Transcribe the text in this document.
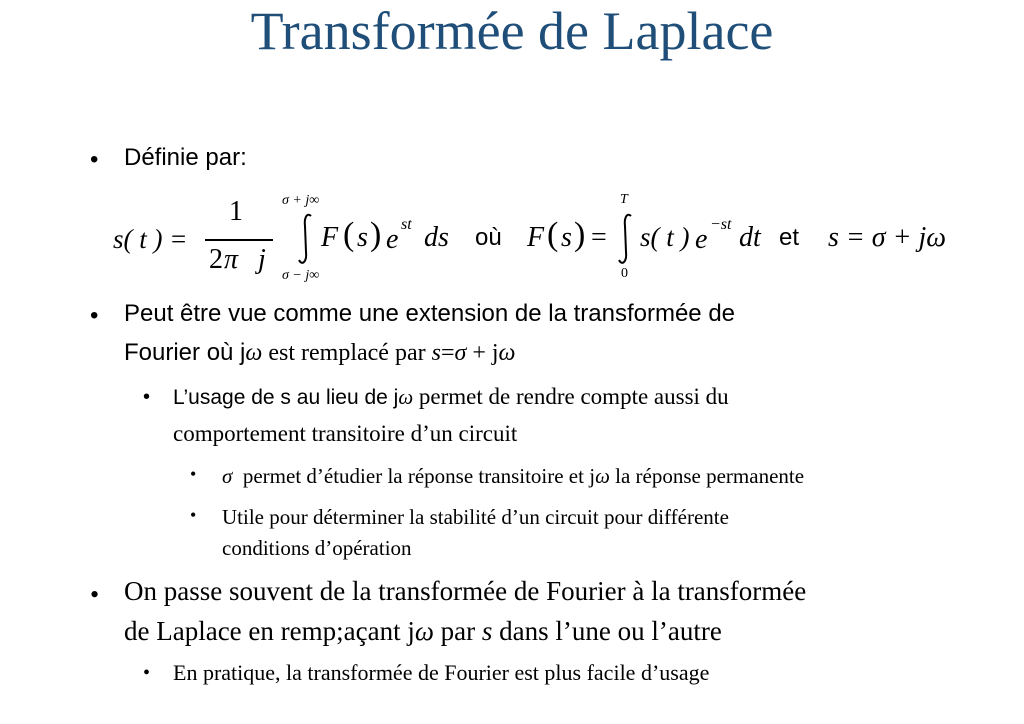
Transformée de Laplace
• Définie par:
s( t ) =
1
2 π j
σ + j∞
σ − j∞
F ( s ) e st ds où F ( s ) =
T
0
s( t ) e −st dt et s = σ + jω
• Peut être vue comme une extension de la transformée de
Fourier où jω est remplacé par s=σ + jω
• L’usage de s au lieu de jω permet de rendre compte aussi du
comportement transitoire d’un circuit
• σ  permet d’étudier la réponse transitoire et jω la réponse permanente
• Utile pour déterminer la stabilité d’un circuit pour différente
conditions d’opération
• On passe souvent de la transformée de Fourier à la transformée
de Laplace en remp;açant jω par s dans l’une ou l’autre
• En pratique, la transformée de Fourier est plus facile d’usage
